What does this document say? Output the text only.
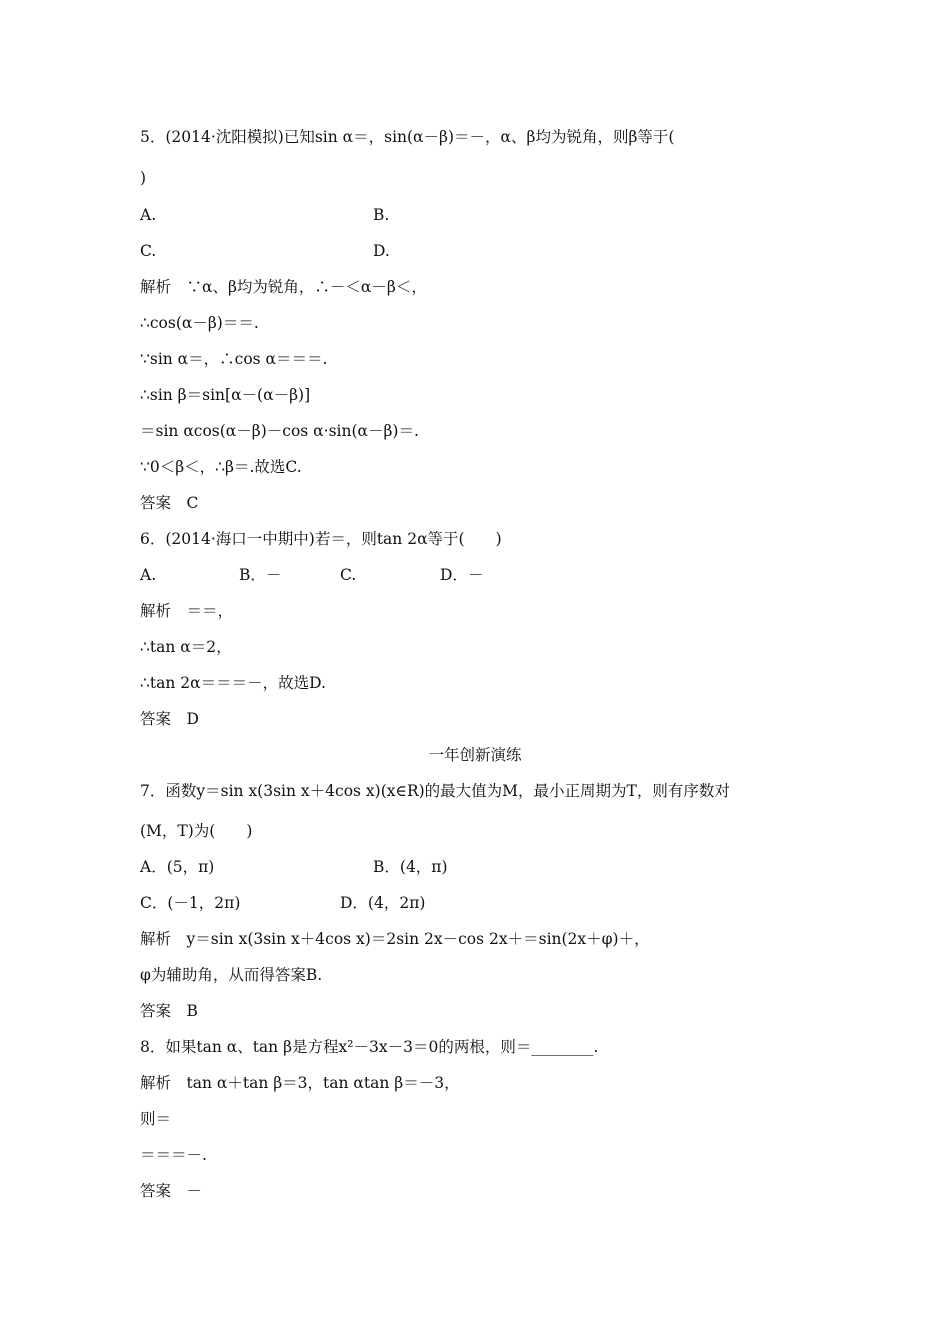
5．(2014·沈阳模拟)已知sin α＝，sin(α－β)＝－，α、β均为锐角，则β等于(
)
A.	B.
C.	D.
解析　∵α、β均为锐角，∴－＜α－β＜，
∴cos(α－β)＝＝.
∵sin α＝，∴cos α＝＝＝.
∴sin β＝sin[α－(α－β)]
＝sin αcos(α－β)－cos α·sin(α－β)＝.
∵0＜β＜，∴β＝.故选C.
答案　C
6．(2014·海口一中期中)若＝，则tan 2α等于(　　)
A.	B．－	C.	D．－
解析　＝＝，
∴tan α＝2，
∴tan 2α＝＝＝－，故选D.
答案　D
一年创新演练
7．函数y＝sin x(3sin x＋4cos x)(x∈R)的最大值为M，最小正周期为T，则有序数对
(M，T)为(　　)
A．(5，π)	B．(4，π)
C．(－1，2π)	D．(4，2π)
解析　y＝sin x(3sin x＋4cos x)＝2sin 2x－cos 2x＋＝sin(2x＋φ)＋，
φ为辅助角，从而得答案B.
答案　B
8．如果tan α、tan β是方程x²－3x－3＝0的两根，则＝________.
解析　tan α＋tan β＝3，tan αtan β＝－3，
则＝
＝＝＝－.
答案　－
